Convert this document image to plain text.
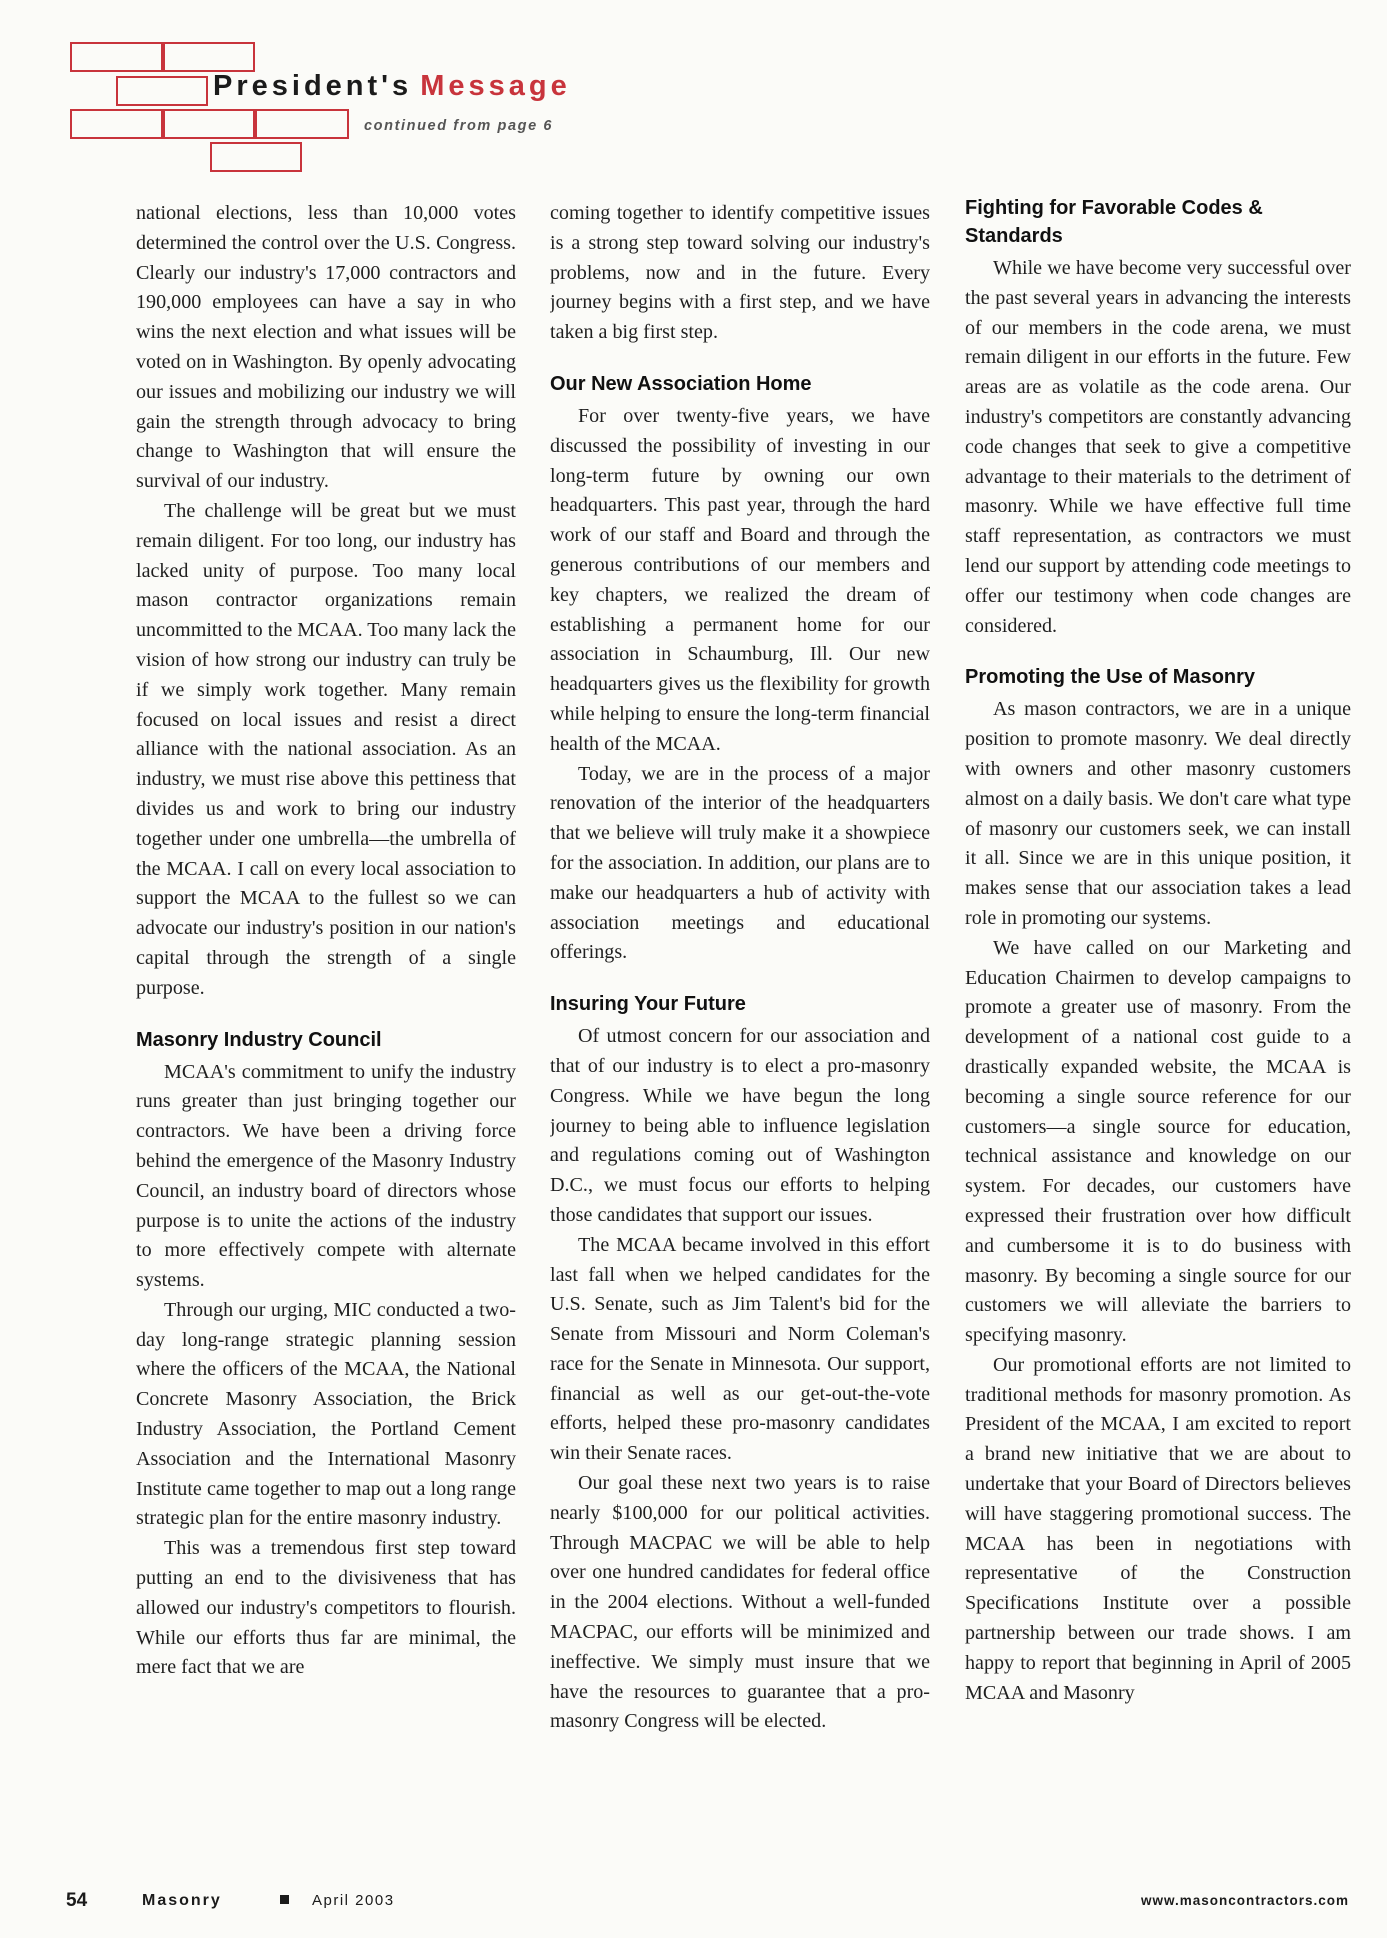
President's Message
continued from page 6

national elections, less than 10,000 votes determined the control over the U.S. Congress. Clearly our industry's 17,000 contractors and 190,000 employees can have a say in who wins the next election and what issues will be voted on in Washington. By openly advocating our issues and mobilizing our industry we will gain the strength through advocacy to bring change to Washington that will ensure the survival of our industry.

The challenge will be great but we must remain diligent. For too long, our industry has lacked unity of purpose. Too many local mason contractor organizations remain uncommitted to the MCAA. Too many lack the vision of how strong our industry can truly be if we simply work together. Many remain focused on local issues and resist a direct alliance with the national association. As an industry, we must rise above this pettiness that divides us and work to bring our industry together under one umbrella—the umbrella of the MCAA. I call on every local association to support the MCAA to the fullest so we can advocate our industry's position in our nation's capital through the strength of a single purpose.

Masonry Industry Council

MCAA's commitment to unify the industry runs greater than just bringing together our contractors. We have been a driving force behind the emergence of the Masonry Industry Council, an industry board of directors whose purpose is to unite the actions of the industry to more effectively compete with alternate systems.

Through our urging, MIC conducted a two-day long-range strategic planning session where the officers of the MCAA, the National Concrete Masonry Association, the Brick Industry Association, the Portland Cement Association and the International Masonry Institute came together to map out a long range strategic plan for the entire masonry industry.

This was a tremendous first step toward putting an end to the divisiveness that has allowed our industry's competitors to flourish. While our efforts thus far are minimal, the mere fact that we are

coming together to identify competitive issues is a strong step toward solving our industry's problems, now and in the future. Every journey begins with a first step, and we have taken a big first step.

Our New Association Home

For over twenty-five years, we have discussed the possibility of investing in our long-term future by owning our own headquarters. This past year, through the hard work of our staff and Board and through the generous contributions of our members and key chapters, we realized the dream of establishing a permanent home for our association in Schaumburg, Ill. Our new headquarters gives us the flexibility for growth while helping to ensure the long-term financial health of the MCAA.

Today, we are in the process of a major renovation of the interior of the headquarters that we believe will truly make it a showpiece for the association. In addition, our plans are to make our headquarters a hub of activity with association meetings and educational offerings.

Insuring Your Future

Of utmost concern for our association and that of our industry is to elect a pro-masonry Congress. While we have begun the long journey to being able to influence legislation and regulations coming out of Washington D.C., we must focus our efforts to helping those candidates that support our issues.

The MCAA became involved in this effort last fall when we helped candidates for the U.S. Senate, such as Jim Talent's bid for the Senate from Missouri and Norm Coleman's race for the Senate in Minnesota. Our support, financial as well as our get-out-the-vote efforts, helped these pro-masonry candidates win their Senate races.

Our goal these next two years is to raise nearly $100,000 for our political activities. Through MACPAC we will be able to help over one hundred candidates for federal office in the 2004 elections. Without a well-funded MACPAC, our efforts will be minimized and ineffective. We simply must insure that we have the resources to guarantee that a pro-masonry Congress will be elected.

Fighting for Favorable Codes & Standards

While we have become very successful over the past several years in advancing the interests of our members in the code arena, we must remain diligent in our efforts in the future. Few areas are as volatile as the code arena. Our industry's competitors are constantly advancing code changes that seek to give a competitive advantage to their materials to the detriment of masonry. While we have effective full time staff representation, as contractors we must lend our support by attending code meetings to offer our testimony when code changes are considered.

Promoting the Use of Masonry

As mason contractors, we are in a unique position to promote masonry. We deal directly with owners and other masonry customers almost on a daily basis. We don't care what type of masonry our customers seek, we can install it all. Since we are in this unique position, it makes sense that our association takes a lead role in promoting our systems.

We have called on our Marketing and Education Chairmen to develop campaigns to promote a greater use of masonry. From the development of a national cost guide to a drastically expanded website, the MCAA is becoming a single source reference for our customers—a single source for education, technical assistance and knowledge on our system. For decades, our customers have expressed their frustration over how difficult and cumbersome it is to do business with masonry. By becoming a single source for our customers we will alleviate the barriers to specifying masonry.

Our promotional efforts are not limited to traditional methods for masonry promotion. As President of the MCAA, I am excited to report a brand new initiative that we are about to undertake that your Board of Directors believes will have staggering promotional success. The MCAA has been in negotiations with representative of the Construction Specifications Institute over a possible partnership between our trade shows. I am happy to report that beginning in April of 2005 MCAA and Masonry

54	Masonry	April 2003	www.masoncontractors.com
